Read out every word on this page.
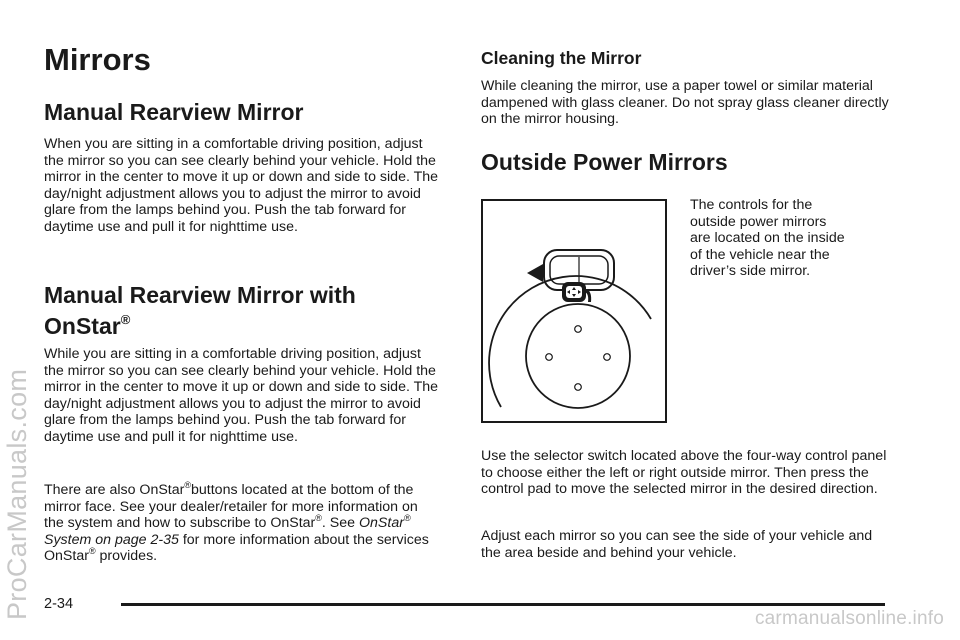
Mirrors
Manual Rearview Mirror

When you are sitting in a comfortable driving position, adjust the mirror so you can see clearly behind your vehicle. Hold the mirror in the center to move it up or down and side to side. The day/night adjustment allows you to adjust the mirror to avoid glare from the lamps behind you. Push the tab forward for daytime use and pull it for nighttime use.

Manual Rearview Mirror with
OnStar®

While you are sitting in a comfortable driving position, adjust the mirror so you can see clearly behind your vehicle. Hold the mirror in the center to move it up or down and side to side. The day/night adjustment allows you to adjust the mirror to avoid glare from the lamps behind you. Push the tab forward for daytime use and pull it for nighttime use.

There are also OnStar®buttons located at the bottom of the mirror face. See your dealer/retailer for more information on the system and how to subscribe to OnStar®. See OnStar® System on page 2-35 for more information about the services OnStar® provides.

Cleaning the Mirror

While cleaning the mirror, use a paper towel or similar material dampened with glass cleaner. Do not spray glass cleaner directly on the mirror housing.

Outside Power Mirrors

The controls for the

outside power mirrors

are located on the inside

of the vehicle near the

driver’s side mirror.

Use the selector switch located above the four-way control panel to choose either the left or right outside mirror. Then press the control pad to move the selected mirror in the desired direction.

Adjust each mirror so you can see the side of your vehicle and the area beside and behind your vehicle.

2-34
ProCarManuals.com	carmanualsonline.info
